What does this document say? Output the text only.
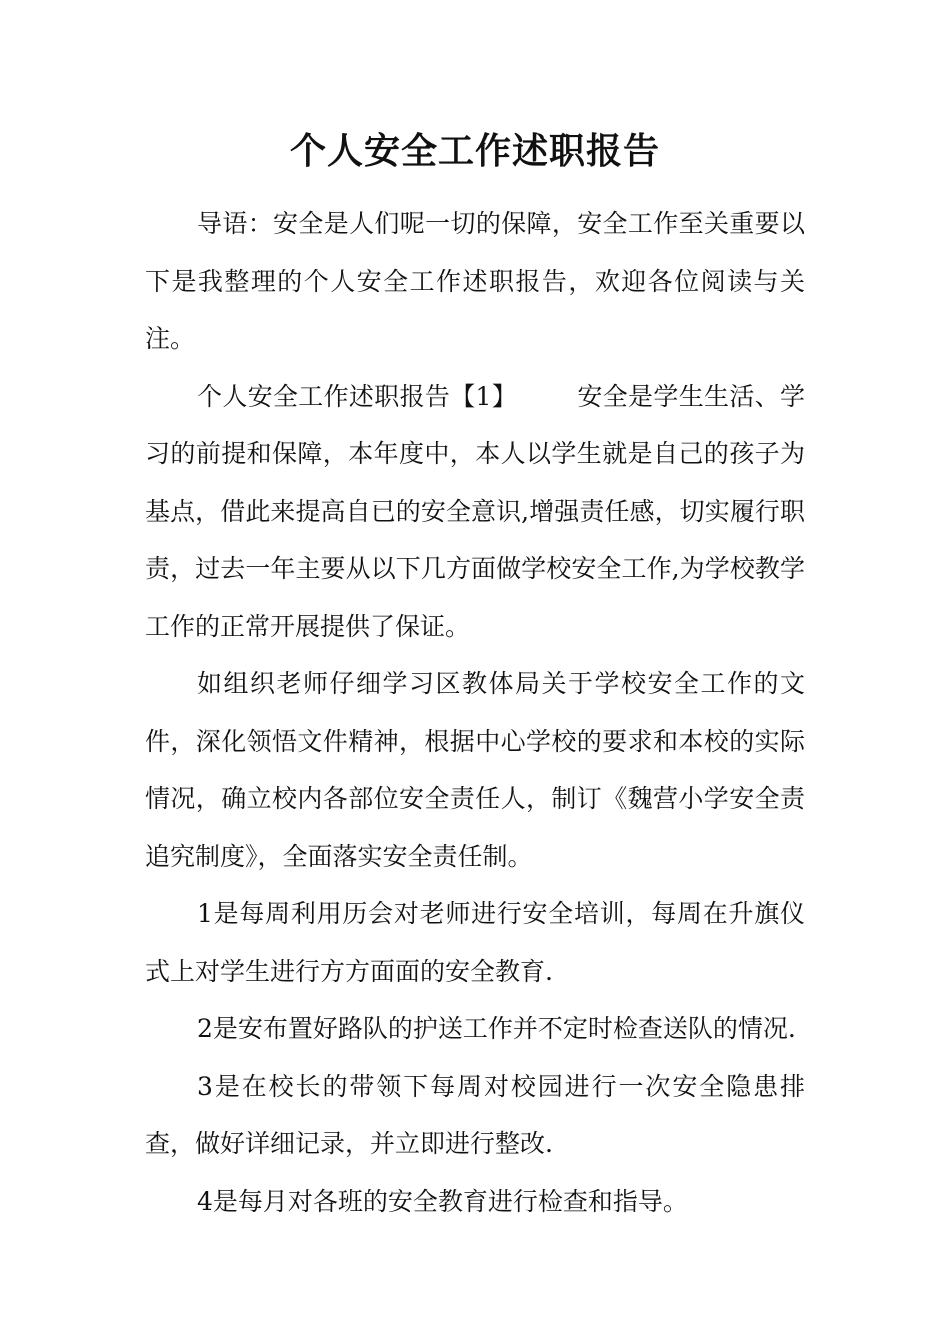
个人安全工作述职报告

导语：安全是人们呢一切的保障，安全工作至关重要以下是我整理的个人安全工作述职报告，欢迎各位阅读与关注。

个人安全工作述职报告【1】 安全是学生生活、学习的前提和保障，本年度中，本人以学生就是自己的孩子为基点，借此来提高自已的安全意识,增强责任感，切实履行职责，过去一年主要从以下几方面做学校安全工作,为学校教学工作的正常开展提供了保证。

如组织老师仔细学习区教体局关于学校安全工作的文件，深化领悟文件精神，根据中心学校的要求和本校的实际情况，确立校内各部位安全责任人，制订《魏营小学安全责追究制度》，全面落实安全责任制。

1是每周利用历会对老师进行安全培训，每周在升旗仪式上对学生进行方方面面的安全教育.

2是安布置好路队的护送工作并不定时检查送队的情况.

3是在校长的带领下每周对校园进行一次安全隐患排查，做好详细记录，并立即进行整改.

4是每月对各班的安全教育进行检查和指导。
